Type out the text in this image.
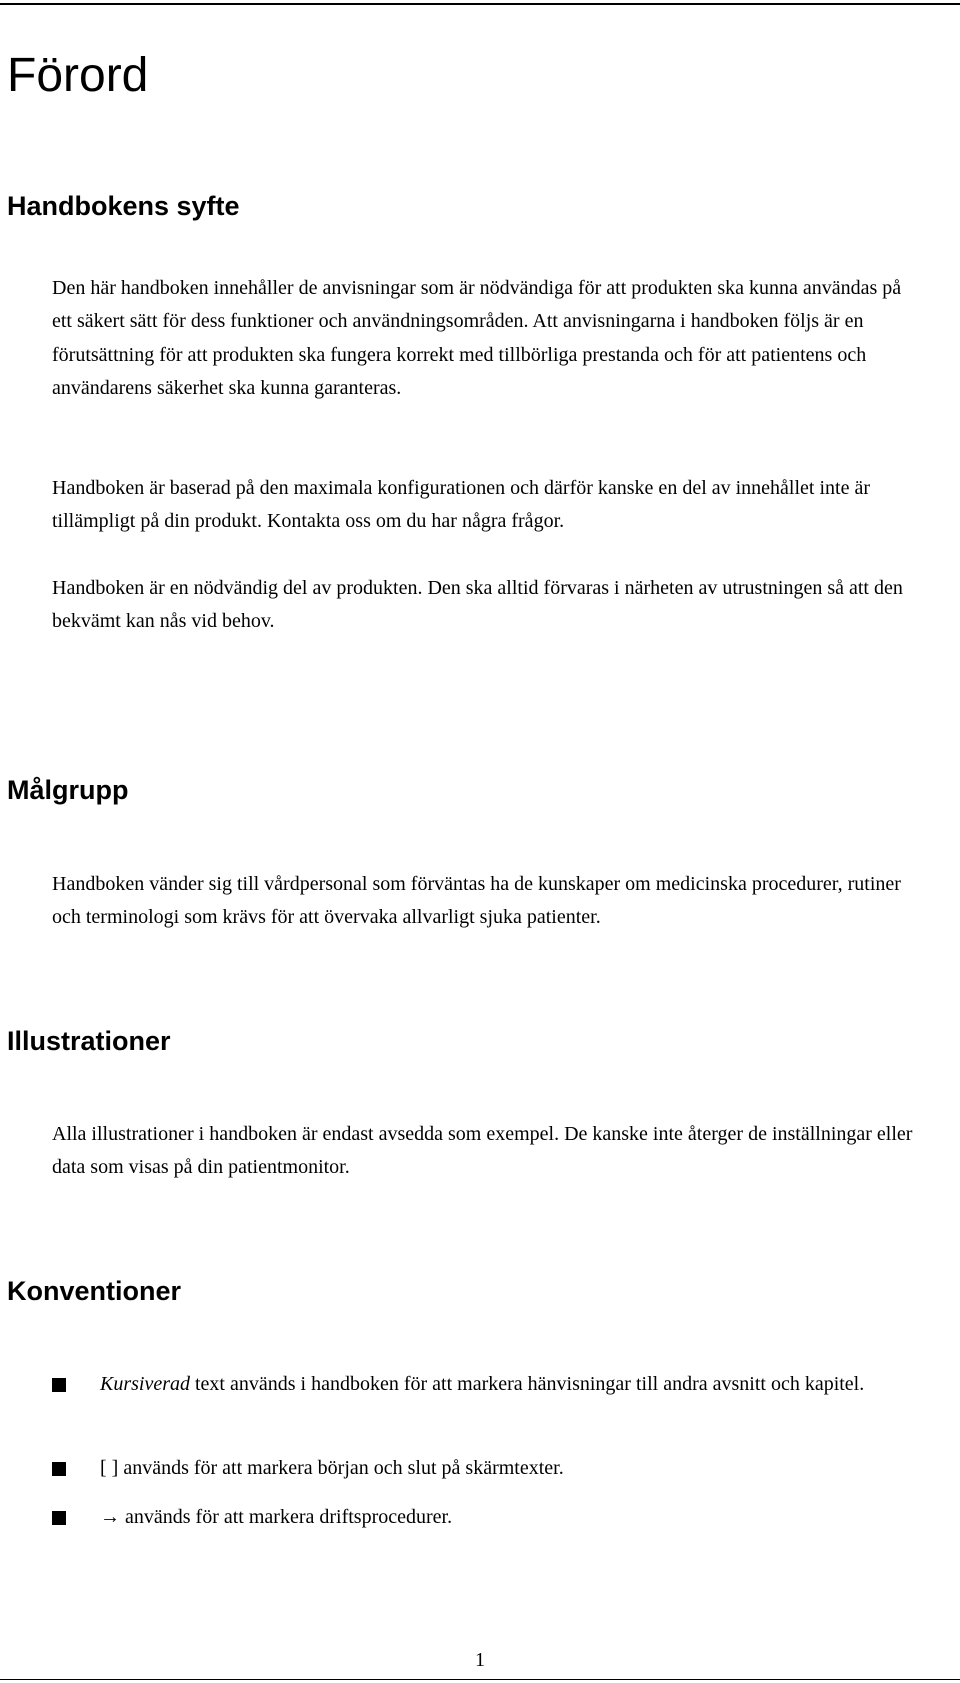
Förord
Handbokens syfte

Den här handboken innehåller de anvisningar som är nödvändiga för att produkten ska kunna användas på ett säkert sätt för dess funktioner och användningsområden. Att anvisningarna i handboken följs är en förutsättning för att produkten ska fungera korrekt med tillbörliga prestanda och för att patientens och användarens säkerhet ska kunna garanteras.

Handboken är baserad på den maximala konfigurationen och därför kanske en del av innehållet inte är tillämpligt på din produkt. Kontakta oss om du har några frågor.

Handboken är en nödvändig del av produkten. Den ska alltid förvaras i närheten av utrustningen så att den bekvämt kan nås vid behov.

Målgrupp

Handboken vänder sig till vårdpersonal som förväntas ha de kunskaper om medicinska procedurer, rutiner och terminologi som krävs för att övervaka allvarligt sjuka patienter.

Illustrationer

Alla illustrationer i handboken är endast avsedda som exempel. De kanske inte återger de inställningar eller data som visas på din patientmonitor.

Konventioner

Kursiverad text används i handboken för att markera hänvisningar till andra avsnitt och kapitel.

[ ] används för att markera början och slut på skärmtexter.

→ används för att markera driftsprocedurer.

1
